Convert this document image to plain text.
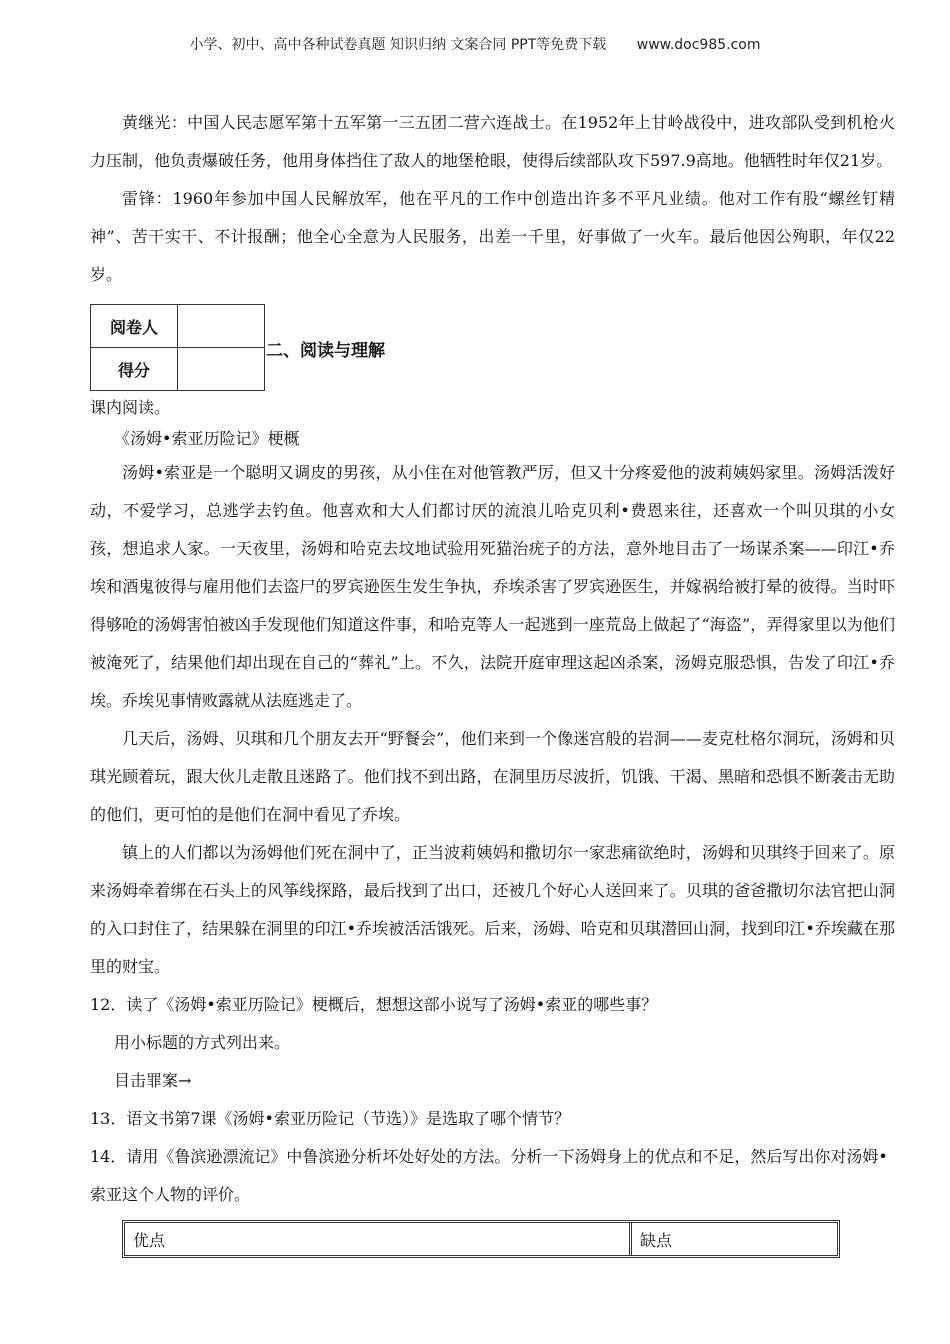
小学、初中、高中各种试卷真题 知识归纳 文案合同 PPT等免费下载 www.doc985.com

黄继光：中国人民志愿军第十五军第一三五团二营六连战士。在1952年上甘岭战役中，进攻部队受到机枪火力压制，他负责爆破任务，他用身体挡住了敌人的地堡枪眼，使得后续部队攻下597.9高地。他牺牲时年仅21岁。

雷锋：1960年参加中国人民解放军，他在平凡的工作中创造出许多不平凡业绩。他对工作有股“螺丝钉精神”、苦干实干、不计报酬；他全心全意为人民服务，出差一千里，好事做了一火车。最后他因公殉职，年仅22岁。

阅卷人	
得分	
二、阅读与理解

课内阅读。

《汤姆•索亚历险记》梗概

汤姆•索亚是一个聪明又调皮的男孩，从小住在对他管教严厉，但又十分疼爱他的波莉姨妈家里。汤姆活泼好动，不爱学习，总逃学去钓鱼。他喜欢和大人们都讨厌的流浪儿哈克贝利•费恩来往，还喜欢一个叫贝琪的小女孩，想追求人家。一天夜里，汤姆和哈克去坟地试验用死猫治疣子的方法，意外地目击了一场谋杀案——印江•乔埃和酒鬼彼得与雇用他们去盗尸的罗宾逊医生发生争执，乔埃杀害了罗宾逊医生，并嫁祸给被打晕的彼得。当时吓得够呛的汤姆害怕被凶手发现他们知道这件事，和哈克等人一起逃到一座荒岛上做起了“海盗”，弄得家里以为他们被淹死了，结果他们却出现在自己的“葬礼”上。不久，法院开庭审理这起凶杀案，汤姆克服恐惧，告发了印江•乔埃。乔埃见事情败露就从法庭逃走了。

几天后，汤姆、贝琪和几个朋友去开“野餐会”，他们来到一个像迷宫般的岩洞——麦克杜格尔洞玩，汤姆和贝琪光顾着玩，跟大伙儿走散且迷路了。他们找不到出路，在洞里历尽波折，饥饿、干渴、黑暗和恐惧不断袭击无助的他们，更可怕的是他们在洞中看见了乔埃。

镇上的人们都以为汤姆他们死在洞中了，正当波莉姨妈和撒切尔一家悲痛欲绝时，汤姆和贝琪终于回来了。原来汤姆牵着绑在石头上的风筝线探路，最后找到了出口，还被几个好心人送回来了。贝琪的爸爸撒切尔法官把山洞的入口封住了，结果躲在洞里的印江•乔埃被活活饿死。后来，汤姆、哈克和贝琪潜回山洞，找到印江•乔埃藏在那里的财宝。

12．读了《汤姆•索亚历险记》梗概后，想想这部小说写了汤姆•索亚的哪些事？

用小标题的方式列出来。

目击罪案→

13．语文书第7课《汤姆•索亚历险记（节选）》是选取了哪个情节？

14．请用《鲁滨逊漂流记》中鲁滨逊分析坏处好处的方法。分析一下汤姆身上的优点和不足，然后写出你对汤姆•索亚这个人物的评价。

优点	缺点
